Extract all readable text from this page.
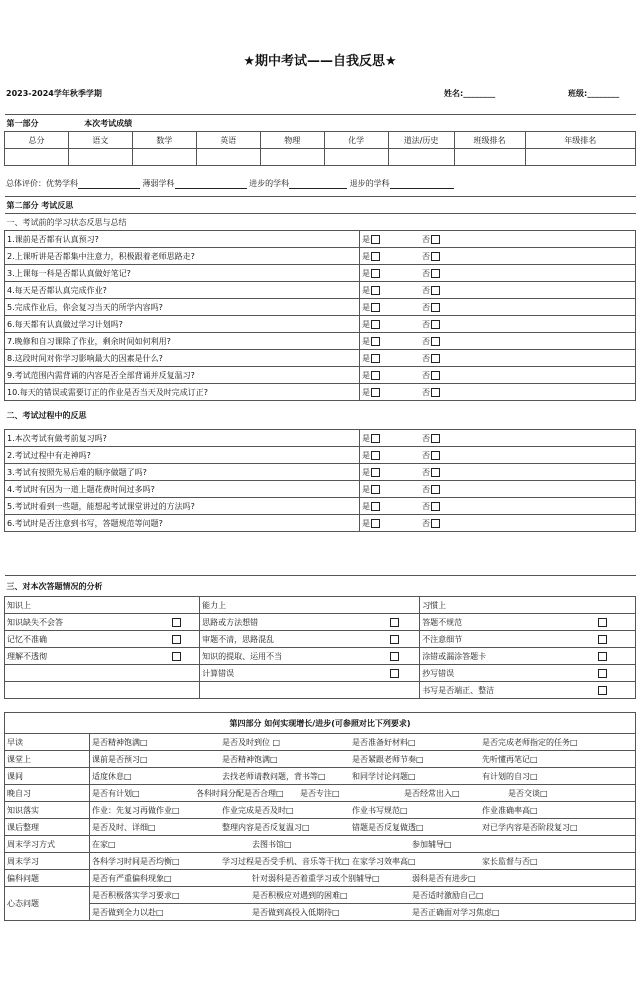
★期中考试——自我反思★
2023-2024学年秋季学期	姓名:________	班级:________
第一部分 本次考试成绩								
总分	语文	数学	英语	物理	化学	道法/历史	班级排名	年级排名

总体评价：优势学科	薄弱学科	进步的学科	退步的学科
第二部分 考试反思		
一、考试前的学习状态反思与总结		
1.课前是否都有认真预习?	是	否
2.上课听讲是否都集中注意力，积极跟着老师思路走?	是	否
3.上课每一科是否都认真做好笔记?	是	否
4.每天是否都认真完成作业?	是	否
5.完成作业后，你会复习当天的所学内容吗?	是	否
6.每天都有认真做过学习计划吗?	是	否
7.晚修和自习课除了作业，剩余时间如何利用?	是	否
8.这段时间对你学习影响最大的因素是什么?	是	否
9.考试范围内需背诵的内容是否全部背诵并反复温习?	是	否
10.每天的错误或需要订正的作业是否当天及时完成订正?	是	否
二、考试过程中的反思		
1.本次考试有做考前复习吗?	是	否
2.考试过程中有走神吗?	是	否
3.考试有按照先易后难的顺序做题了吗?	是	否
4.考试时有因为一道上题花费时间过多吗?	是	否
5.考试时看到一些题，能想起考试课堂讲过的方法吗?	是	否
6.考试时是否注意到书写，答题规范等问题?	是	否
三、对本次答题情况的分析					
知识上		能力上		习惯上	
知识缺失不会答		思路或方法想错		答题不规范	
记忆不准确		审题不清，思路混乱		不注意细节	
理解不透彻		知识的提取、运用不当		涂错或漏涂答题卡	
		计算错误		抄写错误	
				书写是否端正、整洁	
第四部分 如何实现增长/进步(可参照对比下列要求)	
早读	是否精神饱满□ 是否及时到位 □ 是否准备好材料□ 是否完成老师指定的任务□

课堂上	课前是否预习□ 是否精神饱满□ 是否紧跟老师节奏□ 先听懂再笔记□

课间	适度休息□ 去找老师请教问题，背书等□ 和同学讨论问题□ 有计划的自习□

晚自习	是否有计划□ 各科时间分配是否合理□ 是否专注□ 是否经常出入□ 是否交谈□

知识落实	作业：先复习再做作业□ 作业完成是否及时□ 作业书写规范□ 作业准确率高□

课后整理	是否及时、详细□ 整理内容是否反复温习□ 错题是否反复做透□ 对已学内容是否阶段复习□

周末学习方式	在家□ 去图书馆□ 参加辅导□

周末学习	各科学习时间是否均衡□ 学习过程是否受手机、音乐等干扰□ 在家学习效率高□ 家长监督与否□

偏科问题	是否有严重偏科现象□ 针对弱科是否着重学习或个别辅导□ 弱科是否有进步□

心态问题	是否积极落实学习要求□ 是否积极应对遇到的困难□ 是否适时激励自己□

	是否做到全力以赴□ 是否做到高投入低期待□ 是否正确面对学习焦虑□
